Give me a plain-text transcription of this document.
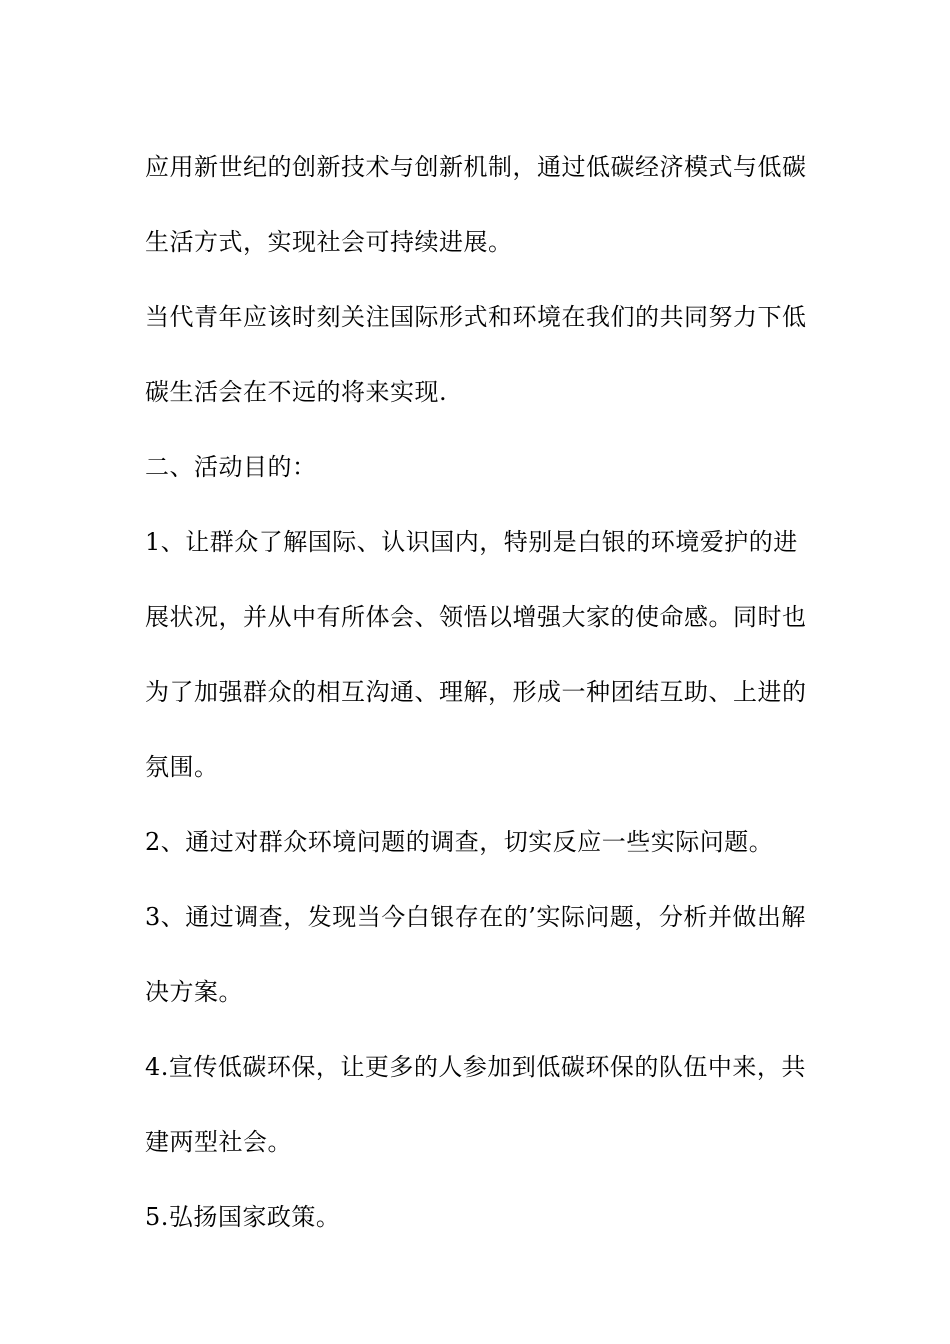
应用新世纪的创新技术与创新机制，通过低碳经济模式与低碳生活方式，实现社会可持续进展。

当代青年应该时刻关注国际形式和环境在我们的共同努力下低碳生活会在不远的将来实现.

二、活动目的：

1、让群众了解国际、认识国内，特别是白银的环境爱护的进展状况，并从中有所体会、领悟以增强大家的使命感。同时也为了加强群众的相互沟通、理解，形成一种团结互助、上进的氛围。

2、通过对群众环境问题的调查，切实反应一些实际问题。

3、通过调查，发现当今白银存在的’实际问题，分析并做出解决方案。

4.宣传低碳环保，让更多的人参加到低碳环保的队伍中来，共建两型社会。

5.弘扬国家政策。
